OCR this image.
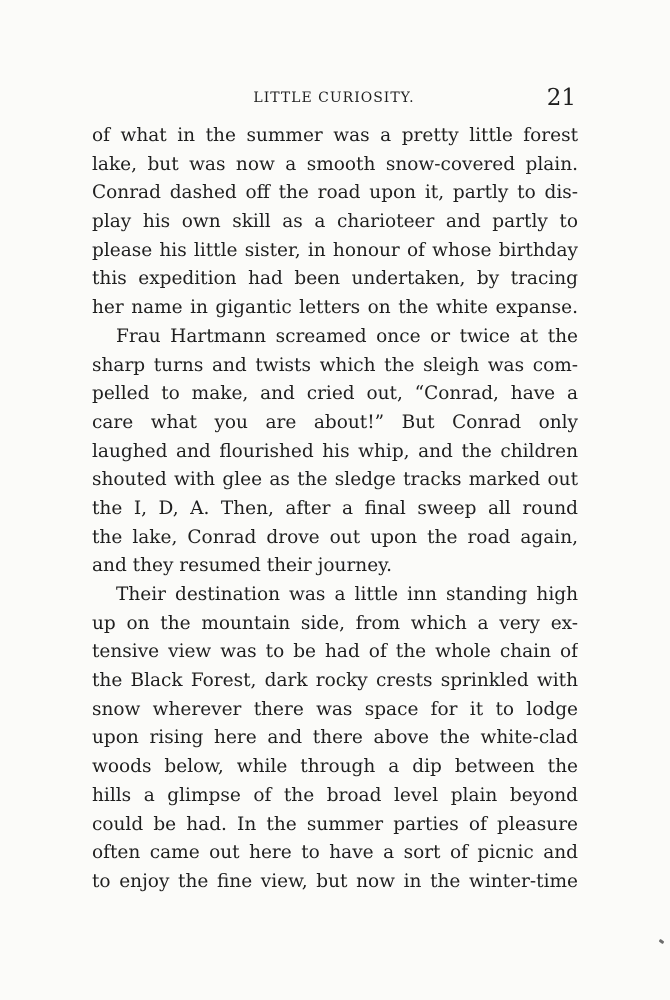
LITTLE CURIOSITY.	21
of what in the summer was a pretty little forest
lake, but was now a smooth snow-covered plain.
Conrad dashed off the road upon it, partly to dis-
play his own skill as a charioteer and partly to
please his little sister, in honour of whose birthday
this expedition had been undertaken, by tracing
her name in gigantic letters on the white expanse.
Frau Hartmann screamed once or twice at the
sharp turns and twists which the sleigh was com-
pelled to make, and cried out, “Conrad, have a
care what you are about!” But Conrad only
laughed and flourished his whip, and the children
shouted with glee as the sledge tracks marked out
the I, D, A. Then, after a final sweep all round
the lake, Conrad drove out upon the road again,
and they resumed their journey.
Their destination was a little inn standing high
up on the mountain side, from which a very ex-
tensive view was to be had of the whole chain of
the Black Forest, dark rocky crests sprinkled with
snow wherever there was space for it to lodge
upon rising here and there above the white-clad
woods below, while through a dip between the
hills a glimpse of the broad level plain beyond
could be had. In the summer parties of pleasure
often came out here to have a sort of picnic and
to enjoy the fine view, but now in the winter-time
